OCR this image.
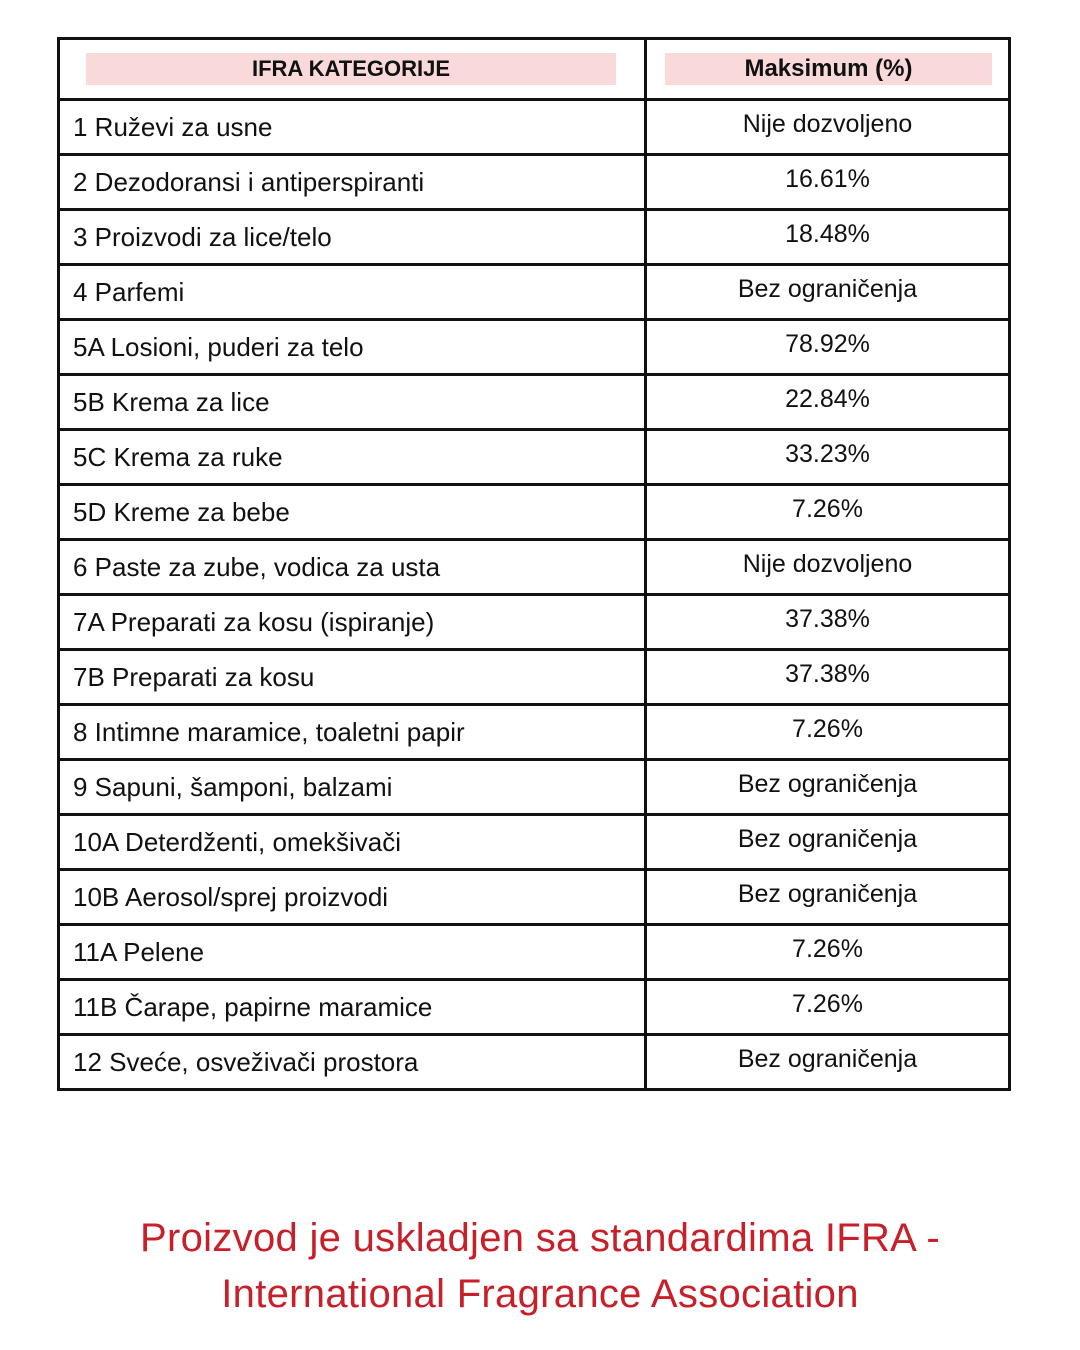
IFRA KATEGORIJE	Maksimum (%)

1 Ruževi za usne	Nije dozvoljeno
2 Dezodoransi i antiperspiranti	16.61%
3 Proizvodi za lice/telo	18.48%
4 Parfemi	Bez ograničenja
5A Losioni, puderi za telo	78.92%
5B Krema za lice	22.84%
5C Krema za ruke	33.23%
5D Kreme za bebe	7.26%
6 Paste za zube, vodica za usta	Nije dozvoljeno
7A Preparati za kosu (ispiranje)	37.38%
7B Preparati za kosu	37.38%
8 Intimne maramice, toaletni papir	7.26%
9 Sapuni, šamponi, balzami	Bez ograničenja
10A Deterdženti, omekšivači	Bez ograničenja
10B Aerosol/sprej proizvodi	Bez ograničenja
11A Pelene	7.26%
11B Čarape, papirne maramice	7.26%
12 Sveće, osveživači prostora	Bez ograničenja
Proizvod je uskladjen sa standardima IFRA -
International Fragrance Association
